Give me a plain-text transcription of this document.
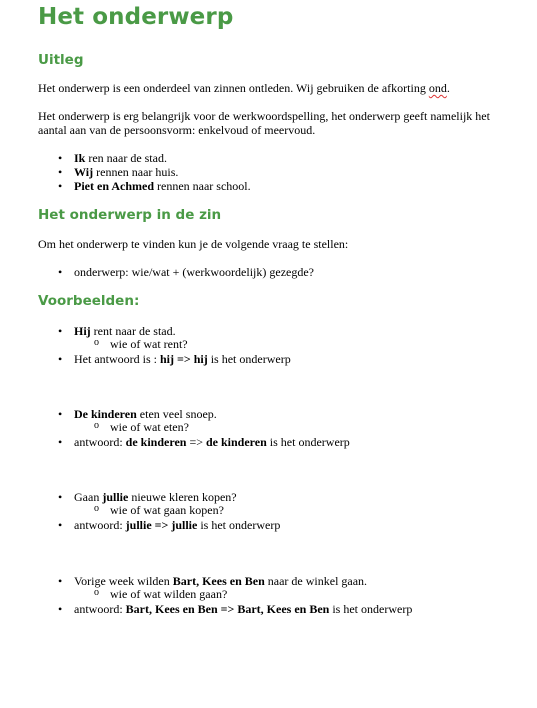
Het onderwerp
Uitleg

Het onderwerp is een onderdeel van zinnen ontleden. Wij gebruiken de afkorting ond.

Het onderwerp is erg belangrijk voor de werkwoordspelling, het onderwerp geeft namelijk het aantal aan van de persoonsvorm: enkelvoud of meervoud.

• Ik ren naar de stad.
• Wij rennen naar huis.
• Piet en Achmed rennen naar school.
Het onderwerp in de zin

Om het onderwerp te vinden kun je de volgende vraag te stellen:

• onderwerp: wie/wat + (werkwoordelijk) gezegde?
Voorbeelden:
• Hij rent naar de stad.
o wie of wat rent?
• Het antwoord is : hij => hij is het onderwerp
• De kinderen eten veel snoep.
o wie of wat eten?
• antwoord: de kinderen => de kinderen is het onderwerp
• Gaan jullie nieuwe kleren kopen?
o wie of wat gaan kopen?
• antwoord: jullie => jullie is het onderwerp
• Vorige week wilden Bart, Kees en Ben naar de winkel gaan.
o wie of wat wilden gaan?
• antwoord: Bart, Kees en Ben => Bart, Kees en Ben is het onderwerp
